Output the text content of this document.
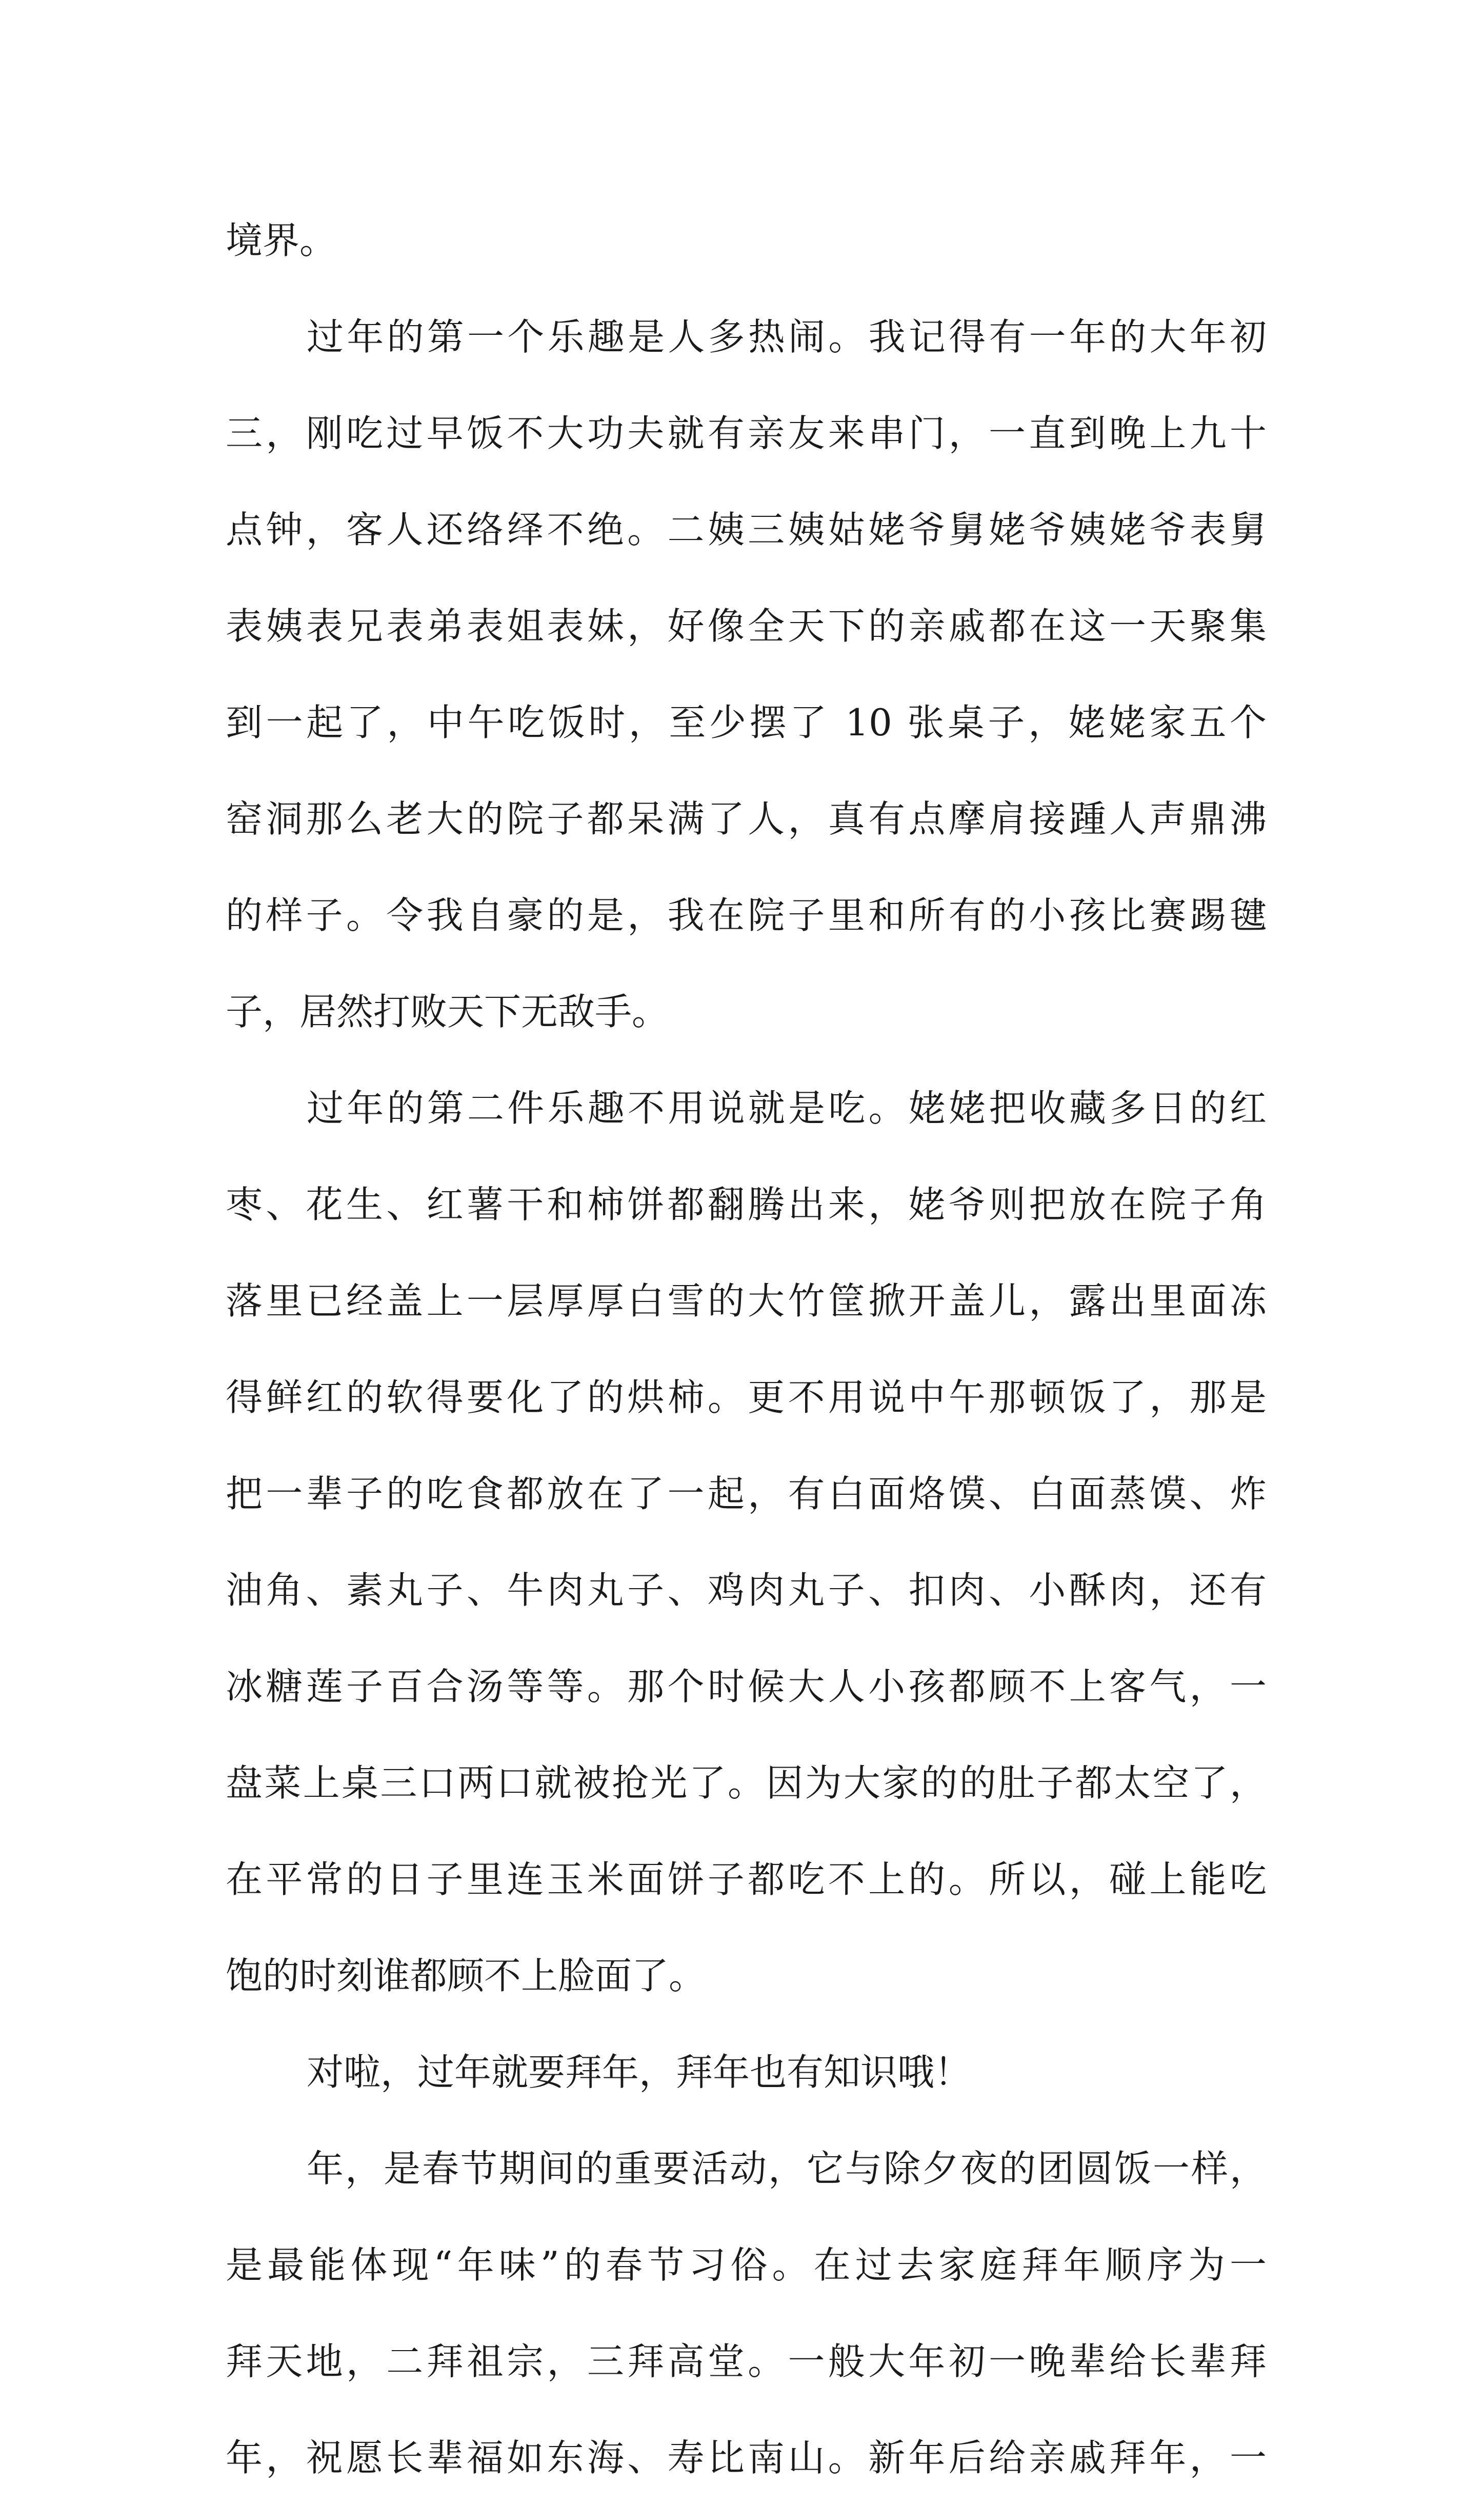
境界。
过年的第一个乐趣是人多热闹。我记得有一年的大年初
三，刚吃过早饭不大功夫就有亲友来串门，一直到晚上九十
点钟，客人还络绎不绝。二姨三姨姑姥爷舅姥爷姨姥爷表舅
表姨表兄表弟表姐表妹，好像全天下的亲戚都在这一天聚集
到一起了，中午吃饭时，至少摆了 10 张桌子，姥姥家五个
窑洞那么老大的院子都呆满了人，真有点摩肩接踵人声鼎沸
的样子。令我自豪的是，我在院子里和所有的小孩比赛踢毽
子，居然打败天下无敌手。
过年的第二件乐趣不用说就是吃。姥姥把收藏多日的红
枣、花生、红薯干和柿饼都翻腾出来，姥爷则把放在院子角
落里已经盖上一层厚厚白雪的大竹筐掀开盖儿，露出里面冻
得鲜红的软得要化了的烘柿。更不用说中午那顿饭了，那是
把一辈子的吃食都放在了一起，有白面烙馍、白面蒸馍、炸
油角、素丸子、牛肉丸子、鸡肉丸子、扣肉、小酥肉，还有
冰糖莲子百合汤等等。那个时候大人小孩都顾不上客气，一
盘菜上桌三口两口就被抢光了。因为大家的的肚子都太空了，
在平常的日子里连玉米面饼子都吃不上的。所以，碰上能吃
饱的时刻谁都顾不上脸面了。
对啦，过年就要拜年，拜年也有知识哦！
年，是春节期间的重要活动，它与除夕夜的团圆饭一样，
是最能体现“年味”的春节习俗。在过去家庭拜年顺序为一
拜天地，二拜祖宗，三拜高堂。一般大年初一晚辈给长辈拜
年，祝愿长辈福如东海、寿比南山。新年后给亲戚拜年，一
